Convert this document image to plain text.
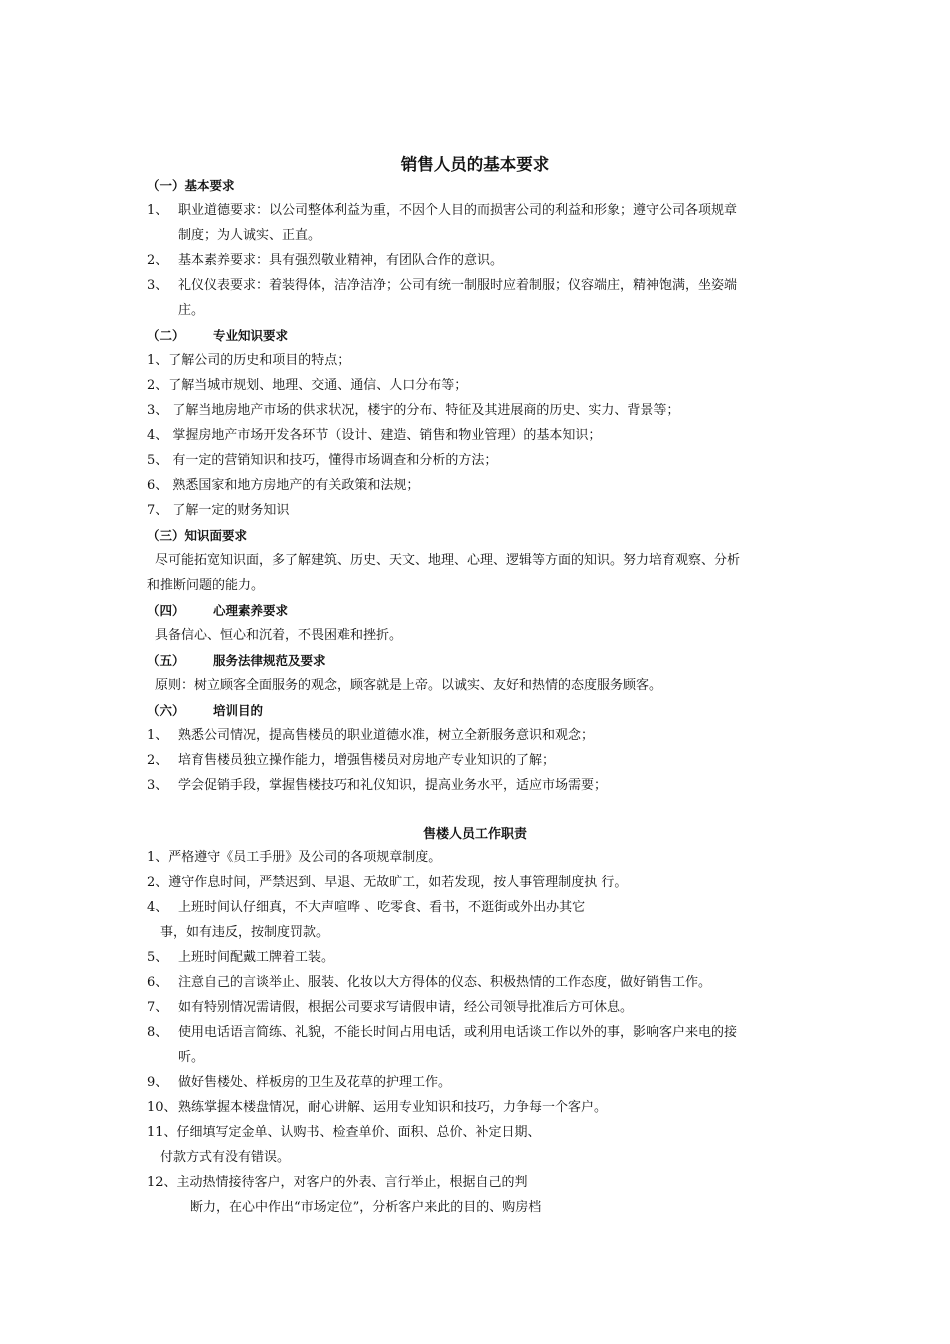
销售人员的基本要求
（一）基本要求
1、 职业道德要求：以公司整体利益为重，不因个人目的而损害公司的利益和形象；遵守公司各项规章
制度；为人诚实、正直。
2、 基本素养要求：具有强烈敬业精神，有团队合作的意识。
3、 礼仪仪表要求：着装得体，洁净洁净；公司有统一制服时应着制服；仪容端庄，精神饱满，坐姿端
庄。
（二） 专业知识要求
1、了解公司的历史和项目的特点；
2、了解当城市规划、地理、交通、通信、人口分布等；
3、 了解当地房地产市场的供求状况，楼宇的分布、特征及其进展商的历史、实力、背景等；
4、 掌握房地产市场开发各环节（设计、建造、销售和物业管理）的基本知识；
5、 有一定的营销知识和技巧，懂得市场调查和分析的方法；
6、 熟悉国家和地方房地产的有关政策和法规；
7、 了解一定的财务知识
（三）知识面要求
尽可能拓宽知识面，多了解建筑、历史、天文、地理、心理、逻辑等方面的知识。努力培育观察、分析
和推断问题的能力。
（四） 心理素养要求
具备信心、恒心和沉着，不畏困难和挫折。
（五） 服务法律规范及要求
原则：树立顾客全面服务的观念，顾客就是上帝。以诚实、友好和热情的态度服务顾客。
（六） 培训目的
1、 熟悉公司情况，提高售楼员的职业道德水准，树立全新服务意识和观念；
2、 培育售楼员独立操作能力，增强售楼员对房地产专业知识的了解；
3、 学会促销手段，掌握售楼技巧和礼仪知识，提高业务水平，适应市场需要；
售楼人员工作职责
1、严格遵守《员工手册》及公司的各项规章制度。
2、遵守作息时间，严禁迟到、早退、无故旷工，如若发现，按人事管理制度执 行。
4、 上班时间认仔细真，不大声喧哗 、吃零食、看书，不逛街或外出办其它
事，如有违反，按制度罚款。
5、 上班时间配戴工牌着工装。
6、 注意自己的言谈举止、服装、化妆以大方得体的仪态、积极热情的工作态度，做好销售工作。
7、 如有特别情况需请假，根据公司要求写请假申请，经公司领导批准后方可休息。
8、 使用电话语言简练、礼貌，不能长时间占用电话，或利用电话谈工作以外的事，影响客户来电的接
听。
9、 做好售楼处、样板房的卫生及花草的护理工作。
10、熟练掌握本楼盘情况，耐心讲解、运用专业知识和技巧，力争每一个客户。
11、仔细填写定金单、认购书、检查单价、面积、总价、补定日期、
付款方式有没有错误。
12、主动热情接待客户，对客户的外表、言行举止，根据自己的判
断力，在心中作出“市场定位”，分析客户来此的目的、购房档
